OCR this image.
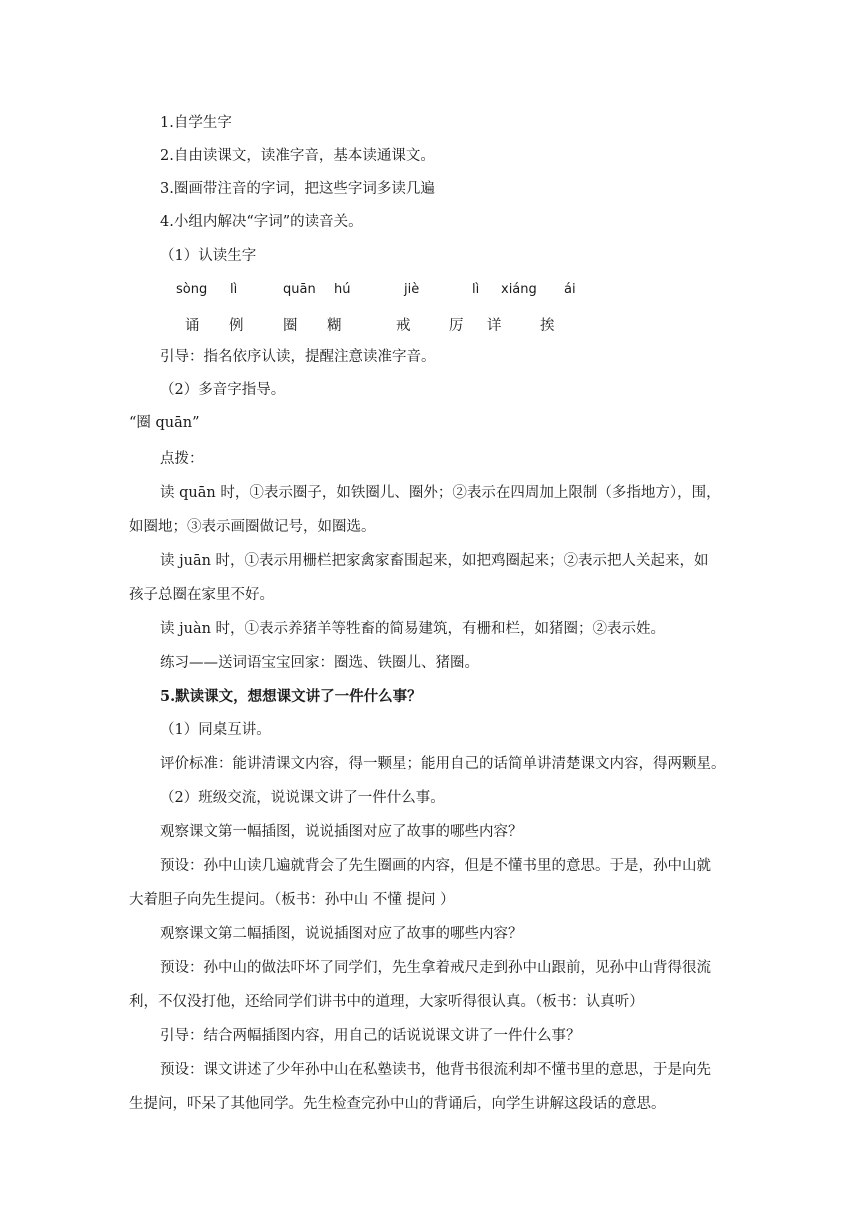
1.自学生字
2.自由读课文，读准字音，基本读通课文。
3.圈画带注音的字词，把这些字词多读几遍
4.小组内解决“字词”的读音关。
（1）认读生字
sòng lì	quān hú	jiè	lì xiáng ái
诵 例	圈 糊	戒	厉 详	挨
引导：指名依序认读，提醒注意读准字音。
（2）多音字指导。
“圈 quān”
点拨：
读 quān 时，①表示圈子，如铁圈儿、圈外；②表示在四周加上限制（多指地方），围，
如圈地；③表示画圈做记号，如圈选。
读 juān 时，①表示用栅栏把家禽家畜围起来，如把鸡圈起来；②表示把人关起来，如
孩子总圈在家里不好。
读 juàn 时，①表示养猪羊等牲畜的简易建筑，有栅和栏，如猪圈；②表示姓。
练习——送词语宝宝回家：圈选、铁圈儿、猪圈。
5.默读课文，想想课文讲了一件什么事？
（1）同桌互讲。
评价标准：能讲清课文内容，得一颗星；能用自己的话简单讲清楚课文内容，得两颗星。
（2）班级交流，说说课文讲了一件什么事。
观察课文第一幅插图，说说插图对应了故事的哪些内容？
预设：孙中山读几遍就背会了先生圈画的内容，但是不懂书里的意思。于是，孙中山就
大着胆子向先生提问。（板书：孙中山 不懂 提问 ）
观察课文第二幅插图，说说插图对应了故事的哪些内容？
预设：孙中山的做法吓坏了同学们，先生拿着戒尺走到孙中山跟前，见孙中山背得很流
利，不仅没打他，还给同学们讲书中的道理，大家听得很认真。（板书：认真听）
引导：结合两幅插图内容，用自己的话说说课文讲了一件什么事？
预设：课文讲述了少年孙中山在私塾读书，他背书很流利却不懂书里的意思，于是向先
生提问，吓呆了其他同学。先生检查完孙中山的背诵后，向学生讲解这段话的意思。
